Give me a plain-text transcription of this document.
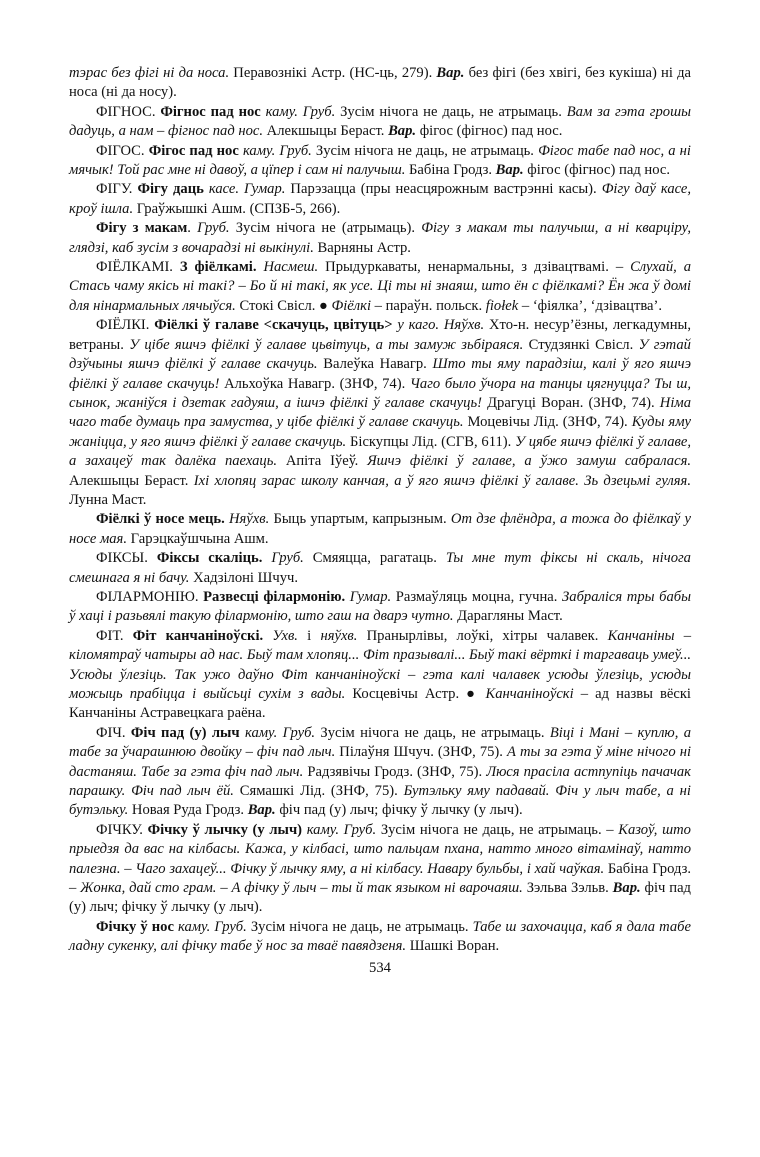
тэрас без фігі ні да носа. Перавознікі Астр. (НС-ць, 279). Вар. без фігі (без хвігі, без кукіша) ні да носа (ні да носу).

ФІГНОС. Фігнос пад нос каму. Груб. Зусім нічога не даць, не атрымаць. Вам за гэта грошы дадуць, а нам – фігнос пад нос. Алекшыцы Бераст. Вар. фігос (фігнос) пад нос.

ФІГОС. Фігос пад нос каму. Груб. Зусім нічога не даць, не атрымаць. Фігос табе пад нос, а ні мячык! Той рас мне ні давоў, а цїпер і сам ні палучыш. Бабіна Гродз. Вар. фігос (фігнос) пад нос.

ФІГУ. Фігу даць касе. Гумар. Парэзацца (пры неасцярожным вастрэнні касы). Фігу даў касе, кроў ішла. Граўжышкі Ашм. (СПЗБ-5, 266).

Фігу з макам. Груб. Зусім нічога не (атрымаць). Фігу з макам ты палучыш, а ні кварціру, глядзі, каб зусім з вочарадзі ні выкінулі. Варняны Астр.

ФІЁЛКАМІ. З фіёлкамі. Насмеш. Прыдуркаваты, ненармальны, з дзівацтвамі. – Слухай, а Стась чаму якісь ні такі? – Бо й ні такі, як усе. Ці ты ні знаяш, што ён с фіёлкамі? Ён жа ў домі для нінармальных лячыўся. Стокі Свісл. ● Фіёлкі – параўн. польск. fiołek – ‘фіялка’, ‘дзівацтва’.

ФІЁЛКІ. Фіёлкі ў галаве <скачуць, цвітуць> у каго. Няўхв. Хто-н. несур’ёзны, легкадумны, ветраны. У цібе яшчэ фіёлкі ў галаве цьвітуць, а ты замуж зьбіраяся. Студзянкі Свісл. У гэтай дзўчыны яшчэ фіёлкі ў галаве скачуць. Валеўка Навагр. Што ты яму парадзіш, калі ў яго яшчэ фіёлкі ў галаве скачуць! Альхоўка Навагр. (ЗНФ, 74). Чаго было ўчора на танцы цягнуцца? Ты ш, сынок, жаніўся і дзетак гадуяш, а ішчэ фіёлкі ў галаве скачуць! Драгуці Воран. (ЗНФ, 74). Німа чаго табе думаць пра замуства, у цібе фіёлкі ў галаве скачуць. Моцевічы Лід. (ЗНФ, 74). Куды яму жаніцца, у яго яшчэ фіёлкі ў галаве скачуць. Біскупцы Лід. (СГВ, 611). У цябе яшчэ фіёлкі ў галаве, а захацеў так далёка паехаць. Апіта Іўеў. Яшчэ фіёлкі ў галаве, а ўжо замуш сабралася. Алекшыцы Бераст. Іхі хлопяц зарас школу канчая, а ў яго яшчэ фіёлкі ў галаве. Зь дзецьмі гуляя. Лунна Маст.

Фіёлкі ў носе мець. Няўхв. Быць упартым, капрызным. От дзе флёндра, а тожа до фіёлкаў у носе мая. Гарэцкаўшчына Ашм.

ФІКСЫ. Фіксы скаліць. Груб. Смяяцца, рагатаць. Ты мне тут фіксы ні скаль, нічога смешнага я ні бачу. Хадзілоні Шчуч.

ФІЛАРМОНІЮ. Развесці філармонію. Гумар. Размаўляць моцна, гучна. Забраліся тры бабы ў хаці і разьвялі такую філармонію, што гаш на дварэ чутно. Дарагляны Маст.

ФІТ. Фіт канчанінoўскі. Ухв. і няўхв. Пранырлівы, лоўкі, хітры чалавек. Канчаніны – кіломятраў чатыры ад нас. Быў там хлопяц... Фіт празывалі... Быў такі вёрткі і таргаваць умеў... Усюды ўлезіць. Так ужо даўно Фіт канчанінoўскі – гэта калі чалавек усюды ўлезіць, усюды можыць прабіцца і выйсьці сухім з вады. Косцевічы Астр. ● Канчанінoўскі – ад назвы вёскі Канчаніны Астравецкага раёна.

ФІЧ. Фіч пад (у) лыч каму. Груб. Зусім нічога не даць, не атрымаць. Віці і Мані – куплю, а табе за ўчарашнюю двойку – фіч пад лыч. Пілаўня Шчуч. (ЗНФ, 75). А ты за гэта ў міне нічого ні дастаняш. Табе за гэта фіч пад лыч. Радзявічы Гродз. (ЗНФ, 75). Люся прасіла астпупіць пачачак парашку. Фіч пад лыч ёй. Сямашкі Лід. (ЗНФ, 75). Бутэльку яму падавай. Фіч у лыч табе, а ні бутэльку. Новая Руда Гродз. Вар. фіч пад (у) лыч; фічку ў лычку (у лыч).

ФІЧКУ. Фічку ў лычку (у лыч) каму. Груб. Зусім нічога не даць, не атрымаць. – Казоў, што прыедзя да вас на кілбасы. Кажа, у кілбасі, што пальцам пхана, натто много вітамінаў, натто палезна. – Чаго захацеў... Фічку ў лычку яму, а ні кілбасу. Навару бульбы, і хай чаўкая. Бабіна Гродз. – Жонка, дай сто грам. – А фічку ў лыч – ты й так языком ні варочаяш. Зэльва Зэльв. Вар. фіч пад (у) лыч; фічку ў лычку (у лыч).

Фічку ў нос каму. Груб. Зусім нічога не даць, не атрымаць. Табе ш захочацца, каб я дала табе ладну сукенку, алі фічку табе ў нос за тваё павядзеня. Шашкі Воран.

534
